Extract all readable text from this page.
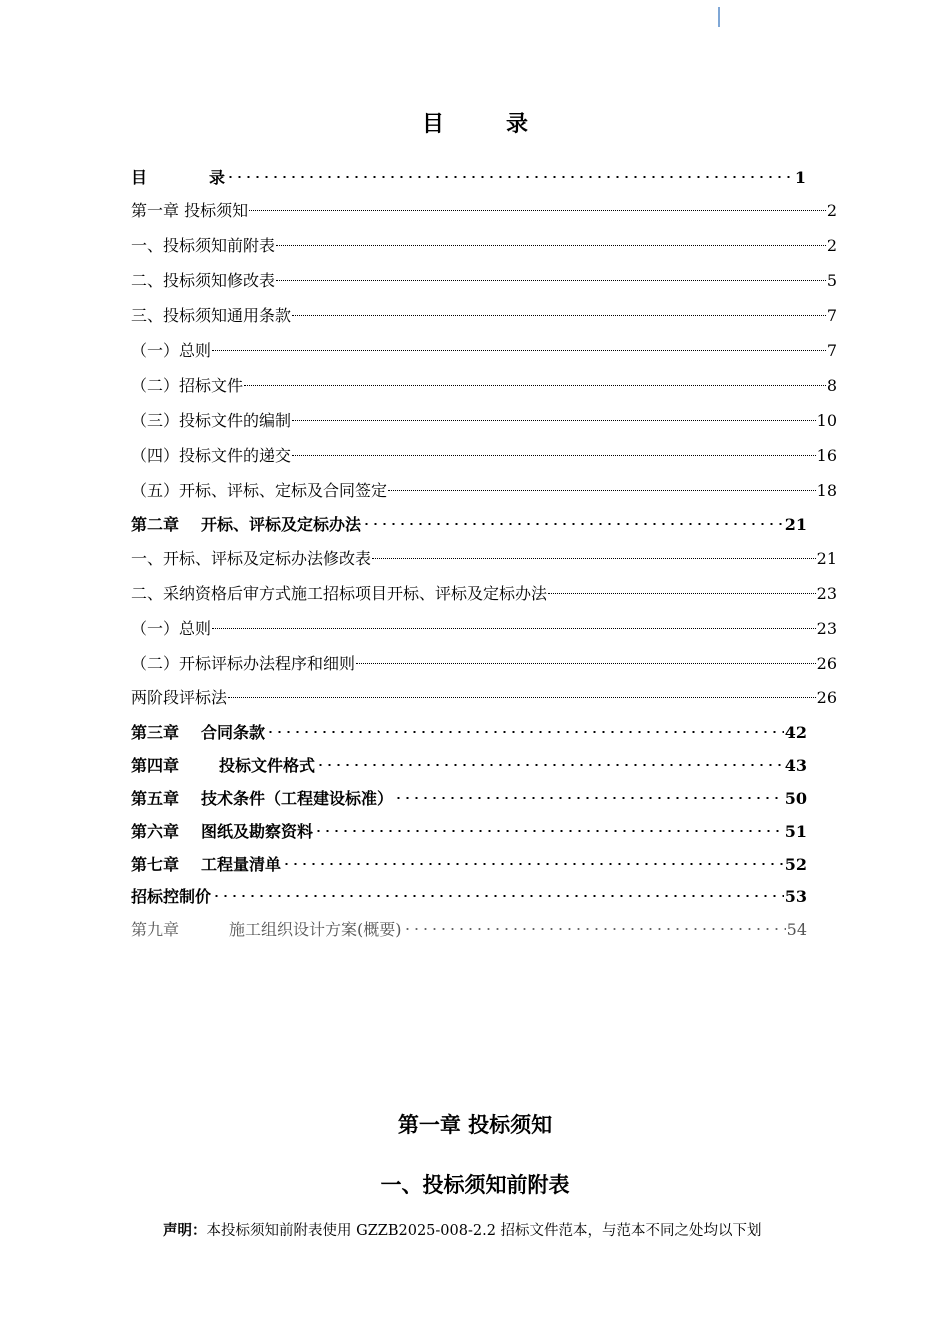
目	录
目	录	1
第一章 投标须知	2
一、投标须知前附表	2
二、投标须知修改表	5
三、投标须知通用条款	7
（一）总则	7
（二）招标文件	8
（三）投标文件的编制	10
（四）投标文件的递交	16
（五）开标、评标、定标及合同签定	18
第二章 开标、评标及定标办法	21
一、开标、评标及定标办法修改表	21
二、采纳资格后审方式施工招标项目开标、评标及定标办法	23
（一）总则	23
（二）开标评标办法程序和细则	26
两阶段评标法	26
第三章 合同条款	42
第四章	投标文件格式	43
第五章 技术条件（工程建设标准）	50
第六章 图纸及勘察资料	51
第七章 工程量清单	52
招标控制价	53
第九章	施工组织设计方案(概要)	54
第一章 投标须知
一、投标须知前附表
声明：本投标须知前附表使用 GZZB2025-008-2.2 招标文件范本，与范本不同之处均以下划
